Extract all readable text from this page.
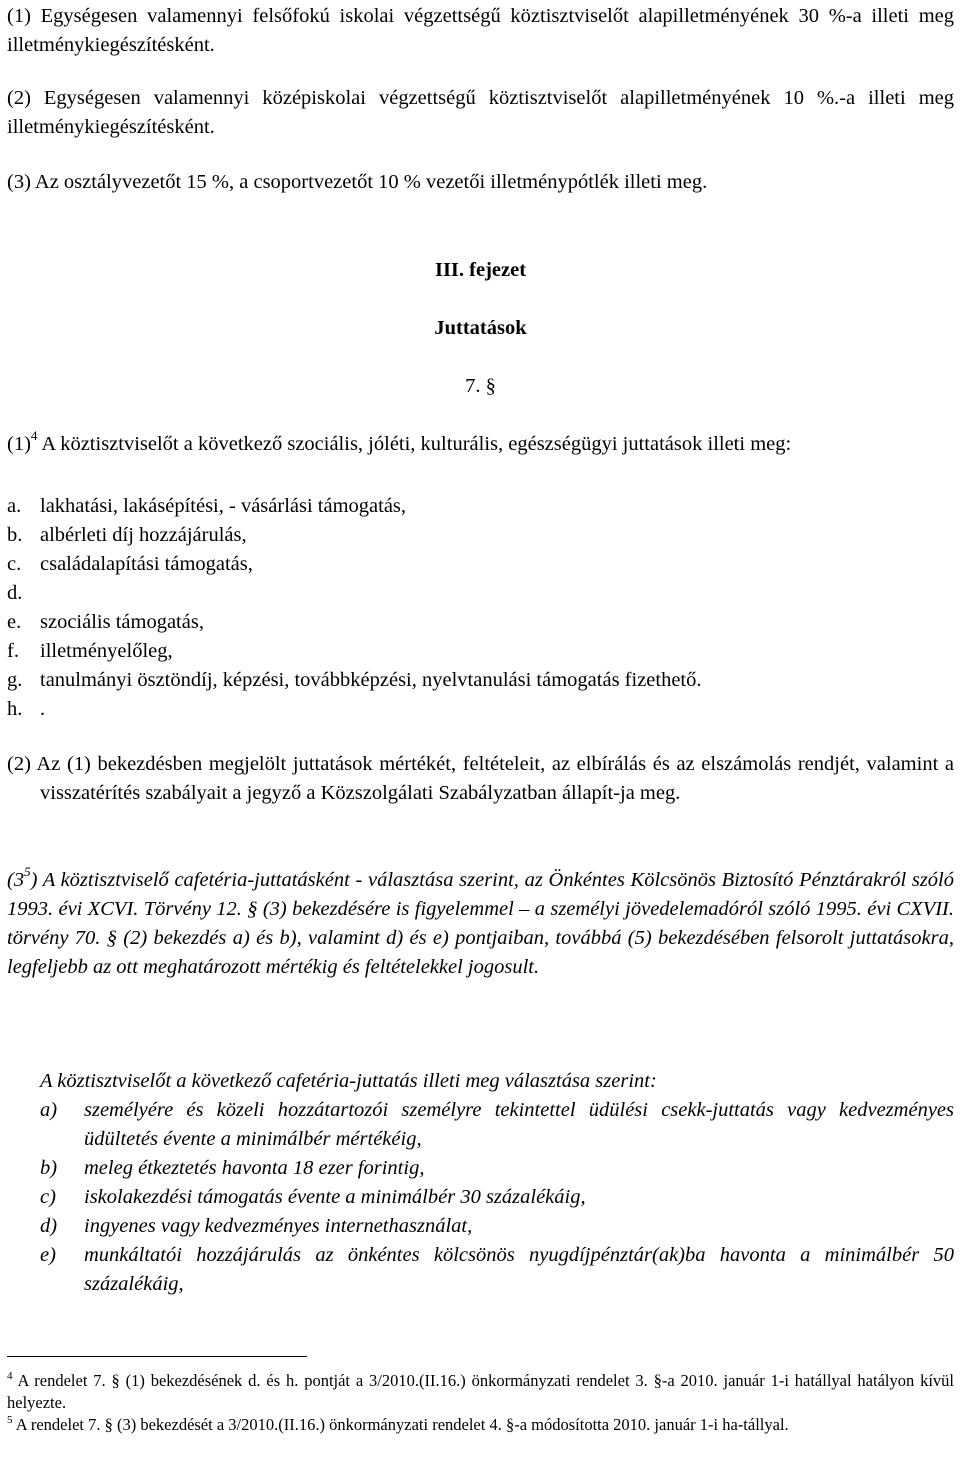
(1) Egységesen valamennyi felsőfokú iskolai végzettségű köztisztviselőt alapilletményének 30 %-a illeti meg illetménykiegészítésként.

(2) Egységesen valamennyi középiskolai végzettségű köztisztviselőt alapilletményének 10 %.-a illeti meg illetménykiegészítésként.

(3) Az osztályvezetőt 15 %, a csoportvezetőt 10 % vezetői illetménypótlék illeti meg.

III. fejezet

Juttatások

7. §

$(1)^4$ A köztisztviselőt a következő szociális, jóléti, kulturális, egészségügyi juttatások illeti meg:

a. lakhatási, lakásépítési, - vásárlási támogatás,
b. albérleti díj hozzájárulás,
c. családalapítási támogatás,
d.
e. szociális támogatás,
f. illetményelőleg,
g. tanulmányi ösztöndíj, képzési, továbbképzési, nyelvtanulási támogatás fizethető.
h. .

(2) Az (1) bekezdésben megjelölt juttatások mértékét, feltételeit, az elbírálás és az elszámolás rendjét, valamint a visszatérítés szabályait a jegyző a Közszolgálati Szabályzatban állapít-ja meg.

$(3^5)$ A köztisztviselő cafetéria-juttatásként - választása szerint, az Önkéntes Kölcsönös Biztosító Pénztárakról szóló 1993. évi XCVI. Törvény 12. § (3) bekezdésére is figyelemmel – a személyi jövedelemadóról szóló 1995. évi CXVII. törvény 70. § (2) bekezdés a) és b), valamint d) és e) pontjaiban, továbbá (5) bekezdésében felsorolt juttatásokra, legfeljebb az ott meghatározott mértékig és feltételekkel jogosult.

A köztisztviselőt a következő cafetéria-juttatás illeti meg választása szerint:

a) személyére és közeli hozzátartozói személyre tekintettel üdülési csekk-juttatás vagy kedvezményes üdültetés évente a minimálbér mértékéig,
b) meleg étkeztetés havonta 18 ezer forintig,
c) iskolakezdési támogatás évente a minimálbér 30 százalékáig,
d) ingyenes vagy kedvezményes internethasználat,
e) munkáltatói hozzájárulás az önkéntes kölcsönös nyugdíjpénztár(ak)ba havonta a minimálbér 50 százalékáig,

$^4$ A rendelet 7. § (1) bekezdésének d. és h. pontját a 3/2010.(II.16.) önkormányzati rendelet 3. §-a 2010. január 1-i hatállyal hatályon kívül helyezte.

$^5$ A rendelet 7. § (3) bekezdését a 3/2010.(II.16.) önkormányzati rendelet 4. §-a módosította 2010. január 1-i ha-tállyal.
